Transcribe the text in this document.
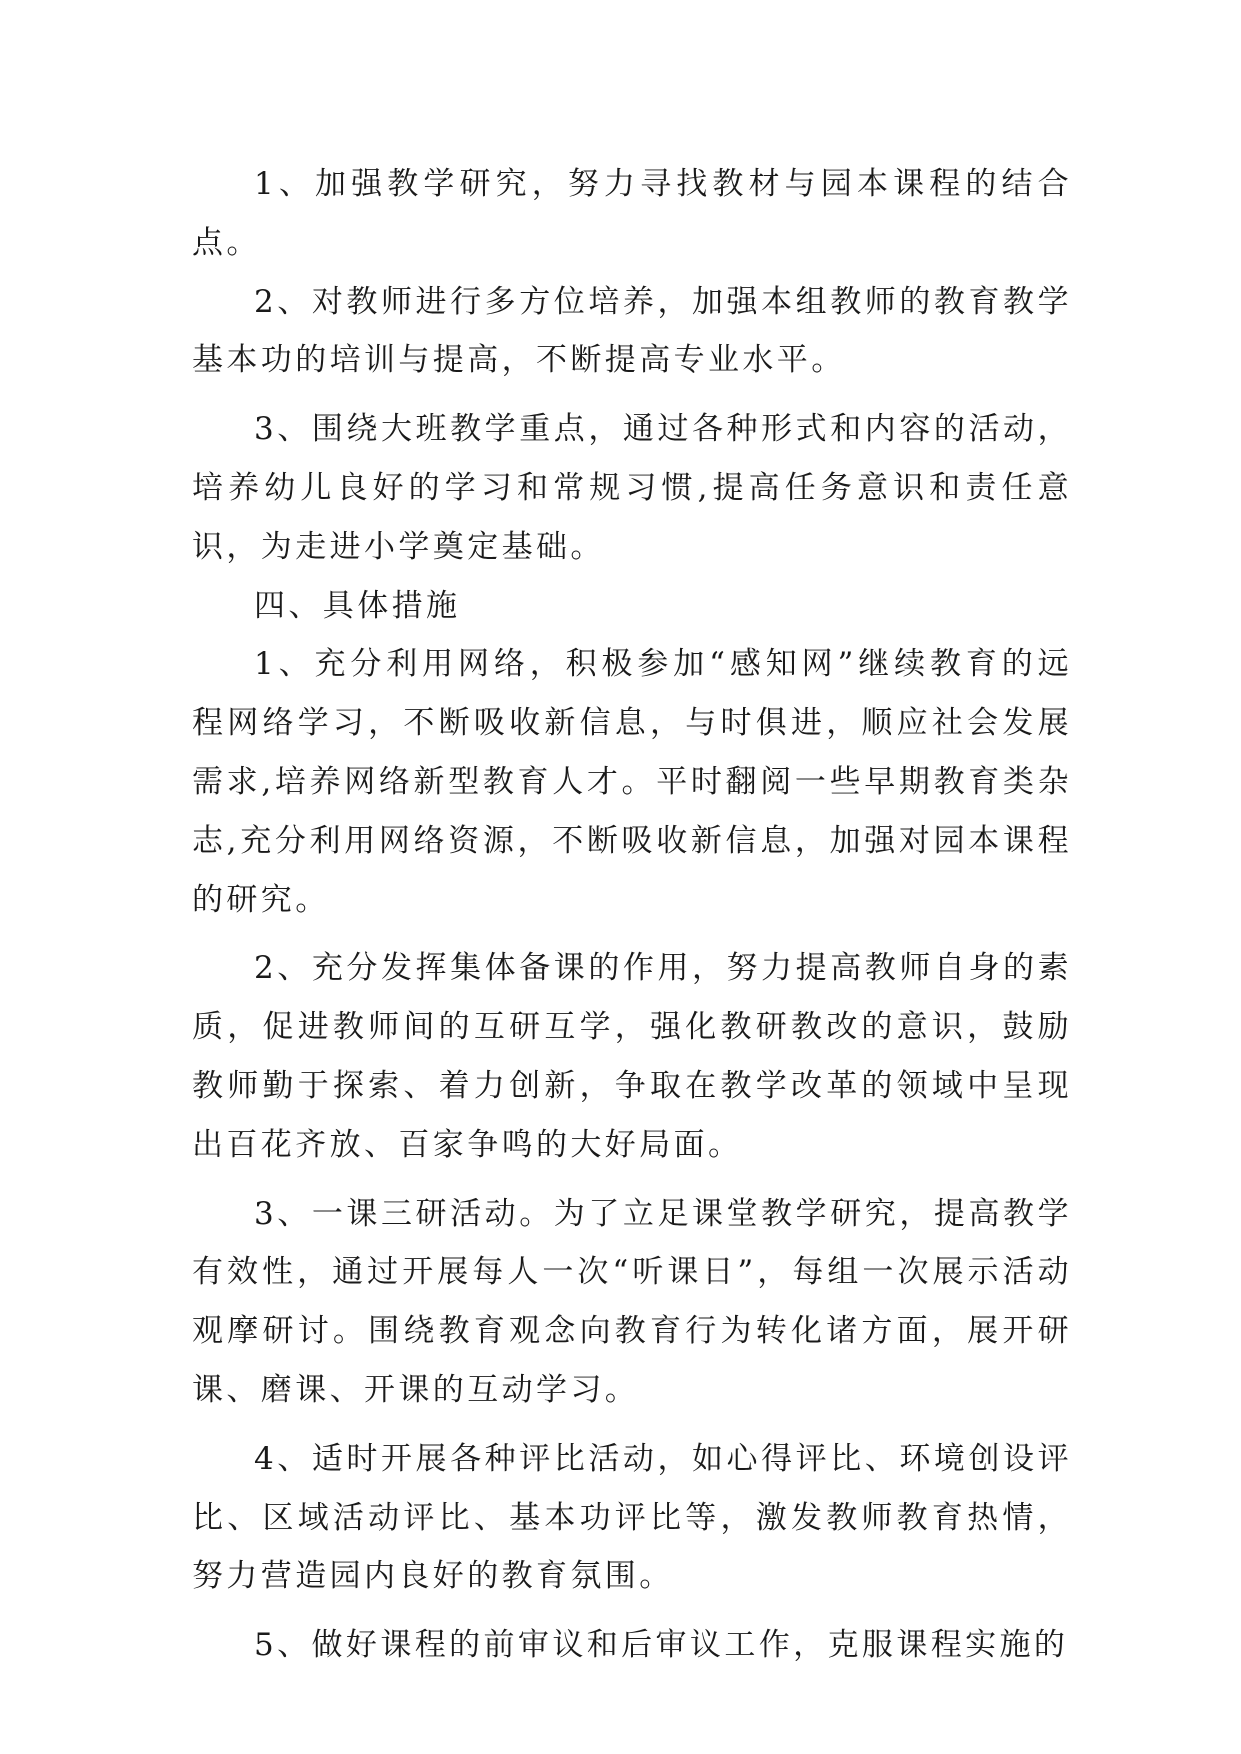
1、加强教学研究，努力寻找教材与园本课程的结合点。

2、对教师进行多方位培养，加强本组教师的教育教学基本功的培训与提高，不断提高专业水平。

3、围绕大班教学重点，通过各种形式和内容的活动，培养幼儿良好的学习和常规习惯,提高任务意识和责任意识，为走进小学奠定基础。

四、具体措施

1、充分利用网络，积极参加“感知网”继续教育的远程网络学习，不断吸收新信息，与时俱进，顺应社会发展需求,培养网络新型教育人才。平时翻阅一些早期教育类杂志,充分利用网络资源，不断吸收新信息，加强对园本课程的研究。

2、充分发挥集体备课的作用，努力提高教师自身的素质，促进教师间的互研互学，强化教研教改的意识，鼓励教师勤于探索、着力创新，争取在教学改革的领域中呈现出百花齐放、百家争鸣的大好局面。

3、一课三研活动。为了立足课堂教学研究，提高教学有效性，通过开展每人一次“听课日”，每组一次展示活动观摩研讨。围绕教育观念向教育行为转化诸方面，展开研课、磨课、开课的互动学习。

4、适时开展各种评比活动，如心得评比、环境创设评比、区域活动评比、基本功评比等，激发教师教育热情，努力营造园内良好的教育氛围。

5、做好课程的前审议和后审议工作，克服课程实施的
